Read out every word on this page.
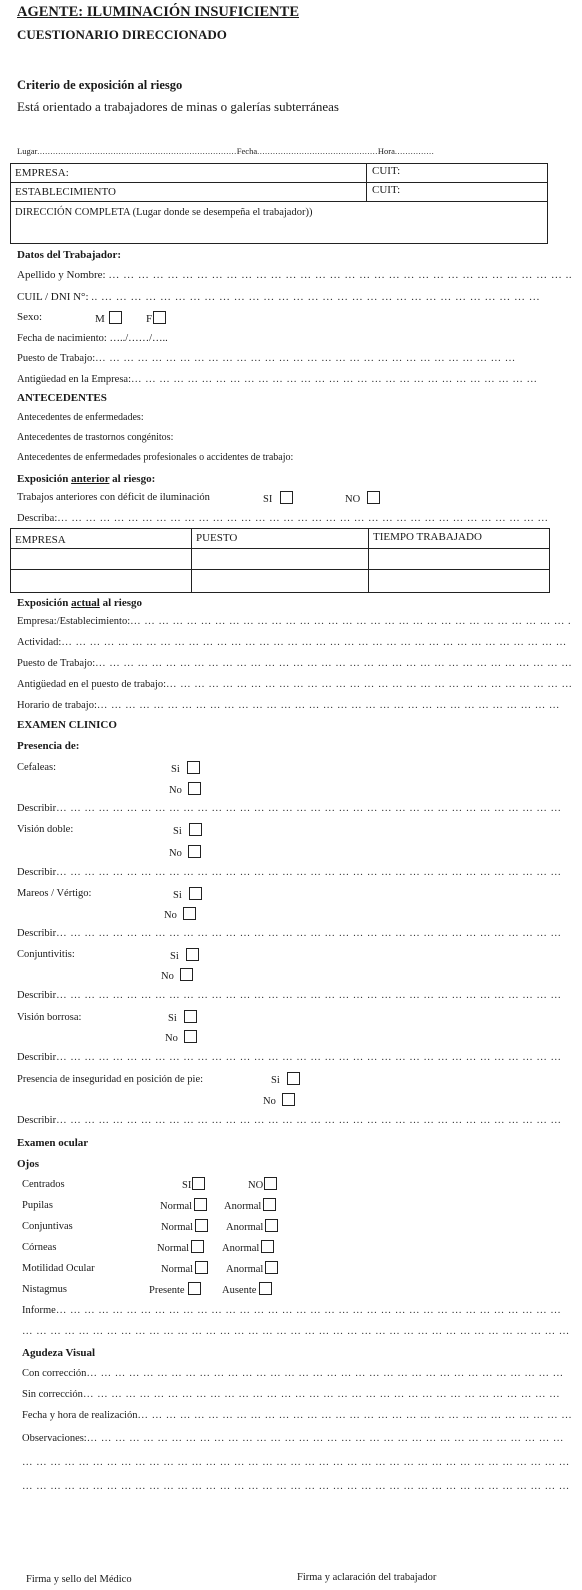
AGENTE: ILUMINACIÓN INSUFICIENTE
CUESTIONARIO DIRECCIONADO
Criterio de exposición al riesgo
Está orientado a trabajadores de minas o galerías subterráneas
Lugar............................................................................Fecha..............................................Hora...............
EMPRESA:	CUIT:
ESTABLECIMIENTO	CUIT:
DIRECCIÓN COMPLETA (Lugar donde se desempeña el trabajador))
Datos del Trabajador:
Apellido y Nombre: … … … … … … … … … … … … … … … … … … … … … … … … … … … … … … … ..
CUIL / DNI N°: .. … … … … … … … … … … … … … … … … … … … … … … … … … … … … … …
Sexo:	M	F
Fecha de nacimiento: …../……/…..
Puesto de Trabajo:… … … … … … … … … … … … … … … … … … … … … … … … … … … … … …
Antigüedad en la Empresa:… … … … … … … … … … … … … … … … … … … … … … … … … … … … …
ANTECEDENTES
Antecedentes de enfermedades:
Antecedentes de trastornos congénitos:
Antecedentes de enfermedades profesionales o accidentes de trabajo:
Exposición anterior al riesgo:
Trabajos anteriores con déficit de iluminación	SI	NO
Describa:… … … … … … … … … … … … … … … … … … … … … … … … … … … … … … … … … … …
EMPRESA	PUESTO	TIEMPO TRABAJADO
Exposición actual al riesgo
Empresa:/Establecimiento:… … … … … … … … … … … … … … … … … … … … … … … … … … … … … … … .
Actividad:… … … … … … … … … … … … … … … … … … … … … … … … … … … … … … … … … … … …
Puesto de Trabajo:… … … … … … … … … … … … … … … … … … … … … … … … … … … … … … … … … …
Antigüedad en el puesto de trabajo:… … … … … … … … … … … … … … … … … … … … … … … … … … … … …
Horario de trabajo:… … … … … … … … … … … … … … … … … … … … … … … … … … … … … … … … …
EXAMEN CLINICO
Presencia de:
Cefaleas:	Si
No
Describir… … … … … … … … … … … … … … … … … … … … … … … … … … … … … … … … … … … …
Visión doble:	Si
No
Describir… … … … … … … … … … … … … … … … … … … … … … … … … … … … … … … … … … … …
Mareos / Vértigo:	Si
No
Describir… … … … … … … … … … … … … … … … … … … … … … … … … … … … … … … … … … … …
Conjuntivitis:	Si
No
Describir… … … … … … … … … … … … … … … … … … … … … … … … … … … … … … … … … … … …
Visión borrosa:	Si
No
Describir… … … … … … … … … … … … … … … … … … … … … … … … … … … … … … … … … … … …
Presencia de inseguridad en posición de pie:	Si
No
Describir… … … … … … … … … … … … … … … … … … … … … … … … … … … … … … … … … … … …
Examen ocular
Ojos
Centrados	SI	NO
Pupilas	Normal	Anormal
Conjuntivas	Normal	Anormal
Córneas	Normal	Anormal
Motilidad Ocular	Normal	Anormal
Nistagmus	Presente	Ausente
Informe… … … … … … … … … … … … … … … … … … … … … … … … … … … … … … … … … … … …
… … … … … … … … … … … … … … … … … … … … … … … … … … … … … … … … … … … … … … …
Agudeza Visual
Con corrección… … … … … … … … … … … … … … … … … … … … … … … … … … … … … … … … … …
Sin corrección… … … … … … … … … … … … … … … … … … … … … … … … … … … … … … … … … …
Fecha y hora de realización… … … … … … … … … … … … … … … … … … … … … … … … … … … … … … …
Observaciones:… … … … … … … … … … … … … … … … … … … … … … … … … … … … … … … … … …
… … … … … … … … … … … … … … … … … … … … … … … … … … … … … … … … … … … … … … …
… … … … … … … … … … … … … … … … … … … … … … … … … … … … … … … … … … … … … … …
Firma y sello del Médico	Firma y aclaración del trabajador
